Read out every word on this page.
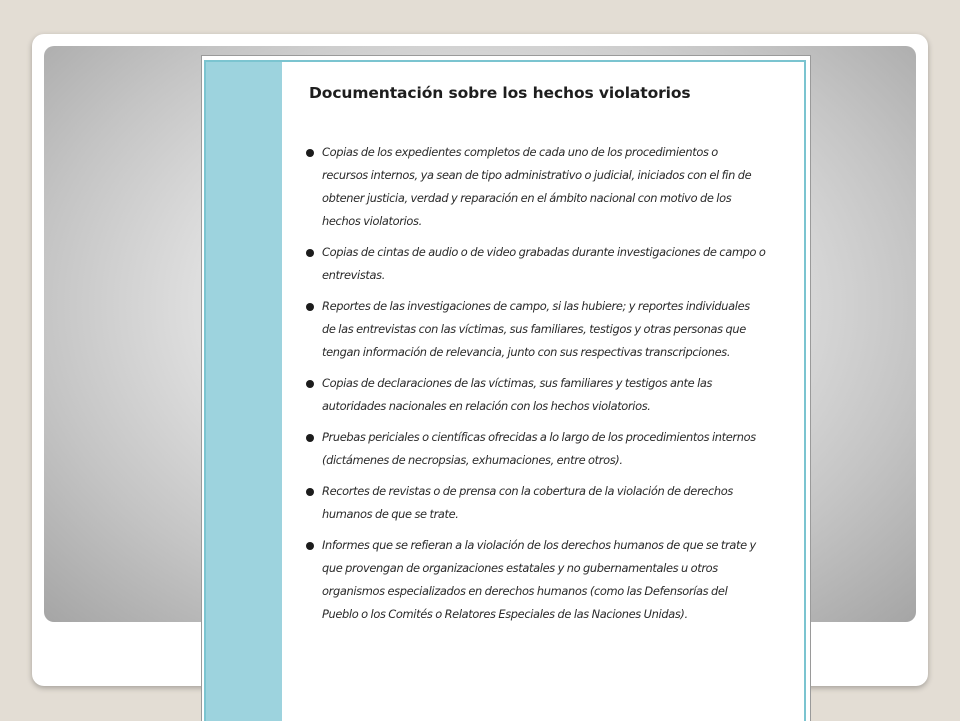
Documentación sobre los hechos violatorios
Copias de los expedientes completos de cada uno de los procedimientos o recursos internos, ya sean de tipo administrativo o judicial, iniciados con el fin de obtener justicia, verdad y reparación en el ámbito nacional con motivo de los hechos violatorios.
Copias de cintas de audio o de video grabadas durante investigaciones de campo o entrevistas.
Reportes de las investigaciones de campo, si las hubiere; y reportes individuales de las entrevistas con las víctimas, sus familiares, testigos y otras personas que tengan información de relevancia, junto con sus respectivas transcripciones.
Copias de declaraciones de las víctimas, sus familiares y testigos ante las autoridades nacionales en relación con los hechos violatorios.
Pruebas periciales o científicas ofrecidas a lo largo de los procedimientos internos (dictámenes de necropsias, exhumaciones, entre otros).
Recortes de revistas o de prensa con la cobertura de la violación de derechos humanos de que se trate.
Informes que se refieran a la violación de los derechos humanos de que se trate y que provengan de organizaciones estatales y no gubernamentales u otros organismos especializados en derechos humanos (como las Defensorías del Pueblo o los Comités o Relatores Especiales de las Naciones Unidas).
